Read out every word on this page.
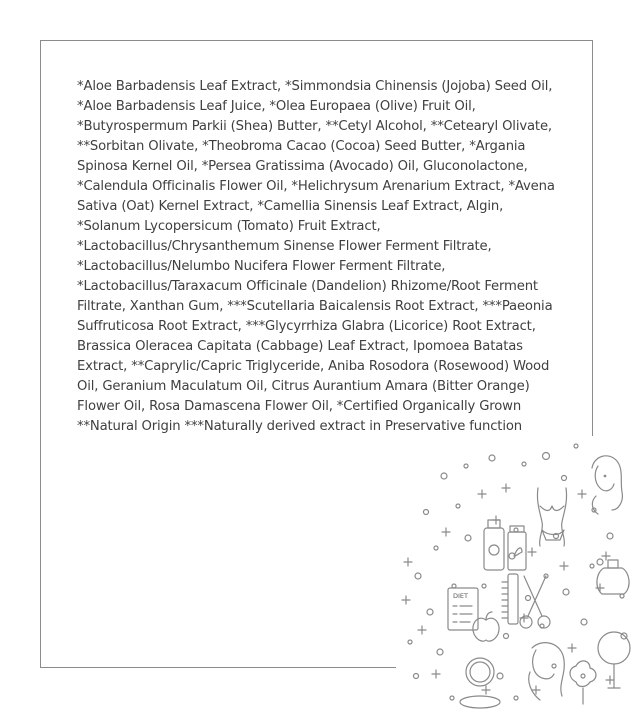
*Aloe Barbadensis Leaf Extract, *Simmondsia Chinensis (Jojoba) Seed Oil, *Aloe Barbadensis Leaf Juice, *Olea Europaea (Olive) Fruit Oil, *Butyrospermum Parkii (Shea) Butter, **Cetyl Alcohol, **Cetearyl Olivate, **Sorbitan Olivate, *Theobroma Cacao (Cocoa) Seed Butter, *Argania Spinosa Kernel Oil, *Persea Gratissima (Avocado) Oil, Gluconolactone, *Calendula Officinalis Flower Oil, *Helichrysum Arenarium Extract, *Avena Sativa (Oat) Kernel Extract, *Camellia Sinensis Leaf Extract, Algin, *Solanum Lycopersicum (Tomato) Fruit Extract, *Lactobacillus/Chrysanthemum Sinense Flower Ferment Filtrate, *Lactobacillus/Nelumbo Nucifera Flower Ferment Filtrate, *Lactobacillus/Taraxacum Officinale (Dandelion) Rhizome/Root Ferment Filtrate, Xanthan Gum, ***Scutellaria Baicalensis Root Extract, ***Paeonia Suffruticosa Root Extract, ***Glycyrrhiza Glabra (Licorice) Root Extract, Brassica Oleracea Capitata (Cabbage) Leaf Extract, Ipomoea Batatas Extract, **Caprylic/Capric Triglyceride, Aniba Rosodora (Rosewood) Wood Oil, Geranium Maculatum Oil, Citrus Aurantium Amara (Bitter Orange) Flower Oil, Rosa Damascena Flower Oil, *Certified Organically Grown **Natural Origin ***Naturally derived extract in Preservative function

DIET
